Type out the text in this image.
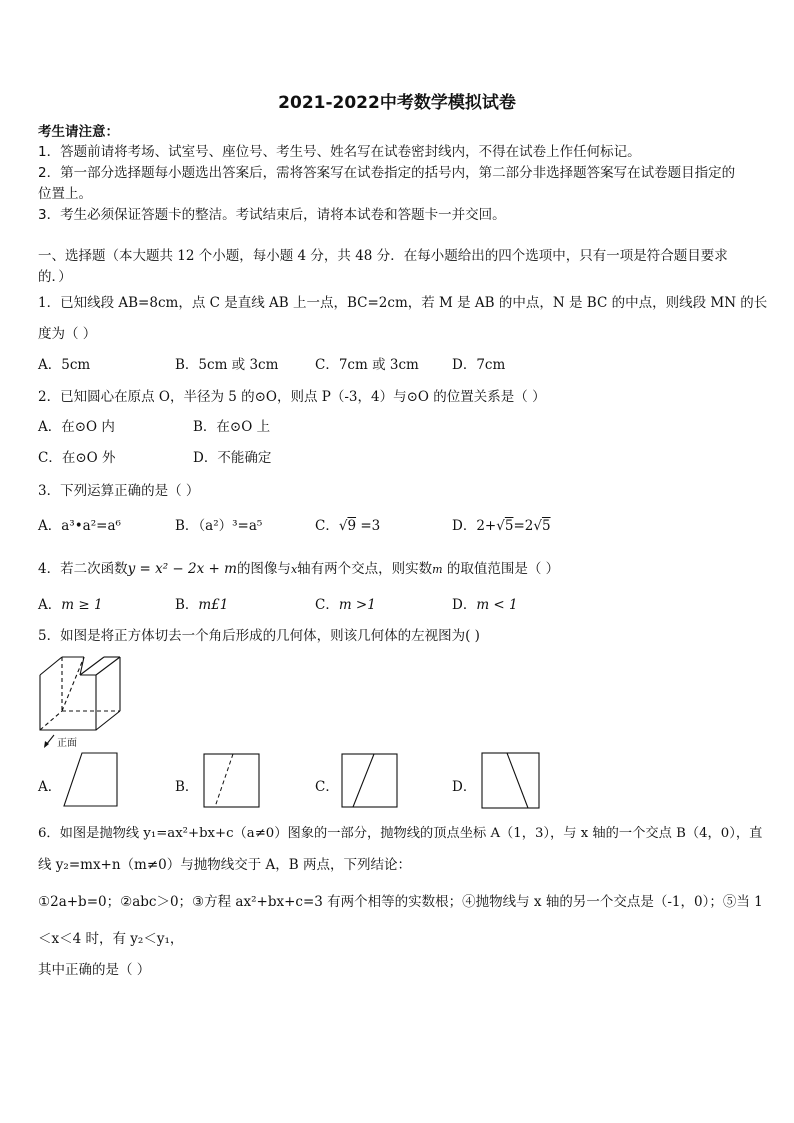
2021-2022中考数学模拟试卷
考生请注意：
1．答题前请将考场、试室号、座位号、考生号、姓名写在试卷密封线内，不得在试卷上作任何标记。
2．第一部分选择题每小题选出答案后，需将答案写在试卷指定的括号内，第二部分非选择题答案写在试卷题目指定的
位置上。
3．考生必须保证答题卡的整洁。考试结束后，请将本试卷和答题卡一并交回。
一、选择题（本大题共 12 个小题，每小题 4 分，共 48 分．在每小题给出的四个选项中，只有一项是符合题目要求
的．）
1．已知线段 AB=8cm，点 C 是直线 AB 上一点，BC=2cm，若 M 是 AB 的中点，N 是 BC 的中点，则线段 MN 的长
度为（ ）
A．5cm	B．5cm 或 3cm	C．7cm 或 3cm D．7cm
2．已知圆心在原点 O，半径为 5 的⊙O，则点 P（-3，4）与⊙O 的位置关系是（ ）
A．在⊙O 内	B．在⊙O 上
C．在⊙O 外	D．不能确定
3．下列运算正确的是（ ）
A．a³•a²=a⁶	B．（a²）³=a⁵	C．√9 =3	D．2+√5=2√5
4．若二次函数y = x² − 2x + m的图像与x轴有两个交点，则实数m 的取值范围是（ ）
A．m ≥ 1	B．m£1	C．m >1	D．m < 1
5．如图是将正方体切去一个角后形成的几何体，则该几何体的左视图为( )
正面
A．	B．	C．	D．
6．如图是抛物线 y₁=ax²+bx+c（a≠0）图象的一部分，抛物线的顶点坐标 A（1，3），与 x 轴的一个交点 B（4，0），直
线 y₂=mx+n（m≠0）与抛物线交于 A，B 两点，下列结论：
①2a+b=0；②abc＞0；③方程 ax²+bx+c=3 有两个相等的实数根；④抛物线与 x 轴的另一个交点是（-1，0）；⑤当 1
＜x＜4 时，有 y₂＜y₁，
其中正确的是（ ）
